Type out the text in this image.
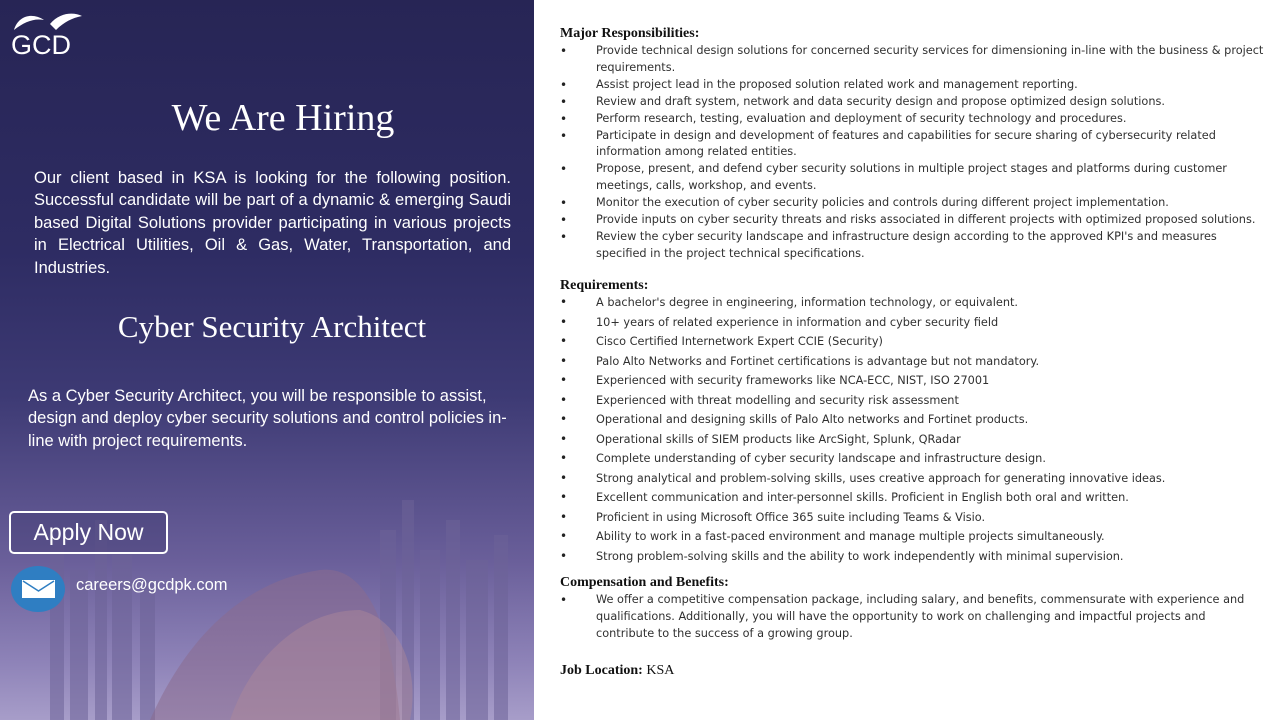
GCD
We Are Hiring
Our client based in KSA is looking for the following position. Successful candidate will be part of a dynamic & emerging Saudi based Digital Solutions provider participating in various projects in Electrical Utilities, Oil & Gas, Water, Transportation, and Industries.
Cyber Security Architect
As a Cyber Security Architect, you will be responsible to assist, design and deploy cyber security solutions and control policies in-line with project requirements.
Apply Now
careers@gcdpk.com
Major Responsibilities:
• Provide technical design solutions for concerned security services for dimensioning in-line with the business & project requirements.
• Assist project lead in the proposed solution related work and management reporting.
• Review and draft system, network and data security design and propose optimized design solutions.
• Perform research, testing, evaluation and deployment of security technology and procedures.
• Participate in design and development of features and capabilities for secure sharing of cybersecurity related information among related entities.
• Propose, present, and defend cyber security solutions in multiple project stages and platforms during customer meetings, calls, workshop, and events.
• Monitor the execution of cyber security policies and controls during different project implementation.
• Provide inputs on cyber security threats and risks associated in different projects with optimized proposed solutions.
• Review the cyber security landscape and infrastructure design according to the approved KPI's and measures specified in the project technical specifications.
Requirements:
• A bachelor's degree in engineering, information technology, or equivalent.
• 10+ years of related experience in information and cyber security field
• Cisco Certified Internetwork Expert CCIE (Security)
• Palo Alto Networks and Fortinet certifications is advantage but not mandatory.
• Experienced with security frameworks like NCA-ECC, NIST, ISO 27001
• Experienced with threat modelling and security risk assessment
• Operational and designing skills of Palo Alto networks and Fortinet products.
• Operational skills of SIEM products like ArcSight, Splunk, QRadar
• Complete understanding of cyber security landscape and infrastructure design.
• Strong analytical and problem-solving skills, uses creative approach for generating innovative ideas.
• Excellent communication and inter-personnel skills. Proficient in English both oral and written.
• Proficient in using Microsoft Office 365 suite including Teams & Visio.
• Ability to work in a fast-paced environment and manage multiple projects simultaneously.
• Strong problem-solving skills and the ability to work independently with minimal supervision.
Compensation and Benefits:
• We offer a competitive compensation package, including salary, and benefits, commensurate with experience and qualifications. Additionally, you will have the opportunity to work on challenging and impactful projects and contribute to the success of a growing group.
Job Location: KSA
